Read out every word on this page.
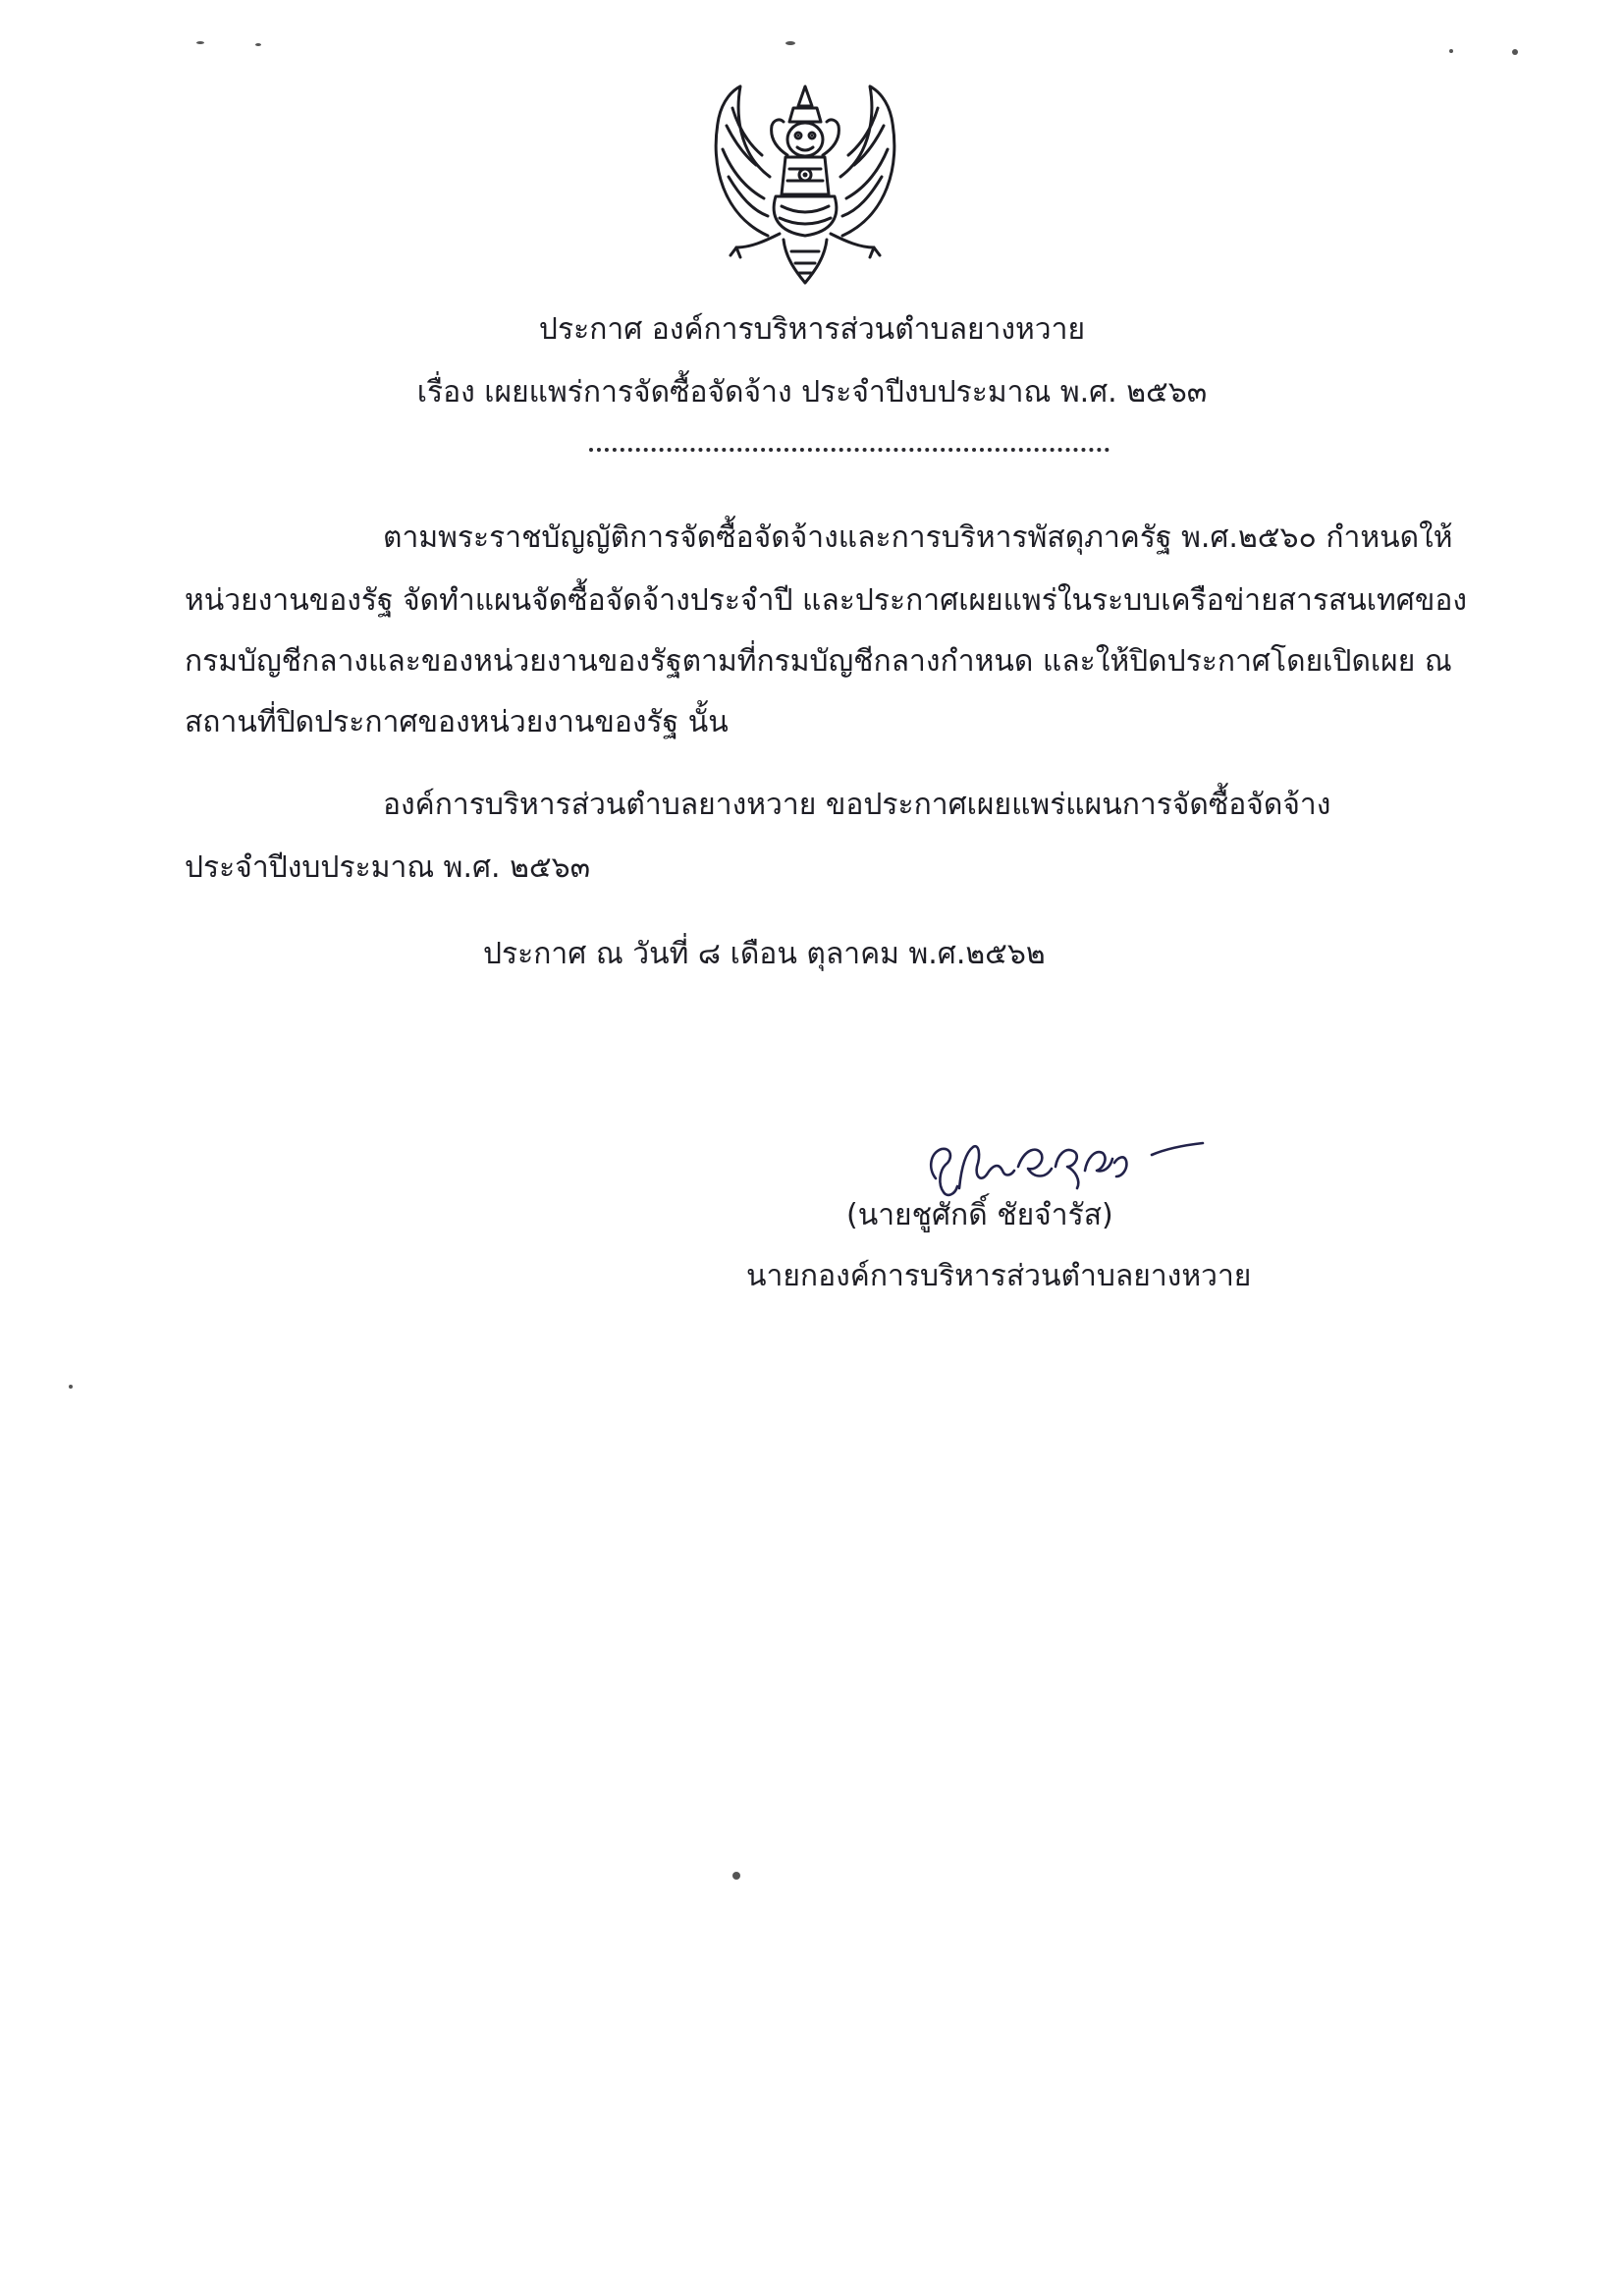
ประกาศ องค์การบริหารส่วนตำบลยางหวาย
เรื่อง เผยแพร่การจัดซื้อจัดจ้าง ประจำปีงบประมาณ พ.ศ. ๒๕๖๓
ตามพระราชบัญญัติการจัดซื้อจัดจ้างและการบริหารพัสดุภาครัฐ พ.ศ.๒๕๖๐ กำหนดให้
หน่วยงานของรัฐ จัดทำแผนจัดซื้อจัดจ้างประจำปี และประกาศเผยแพร่ในระบบเครือข่ายสารสนเทศของ
กรมบัญชีกลางและของหน่วยงานของรัฐตามที่กรมบัญชีกลางกำหนด และให้ปิดประกาศโดยเปิดเผย ณ
สถานที่ปิดประกาศของหน่วยงานของรัฐ นั้น
องค์การบริหารส่วนตำบลยางหวาย ขอประกาศเผยแพร่แผนการจัดซื้อจัดจ้าง
ประจำปีงบประมาณ พ.ศ. ๒๕๖๓
ประกาศ ณ วันที่ ๘ เดือน ตุลาคม พ.ศ.๒๕๖๒
(นายชูศักดิ์ ชัยจำรัส)
นายกองค์การบริหารส่วนตำบลยางหวาย
